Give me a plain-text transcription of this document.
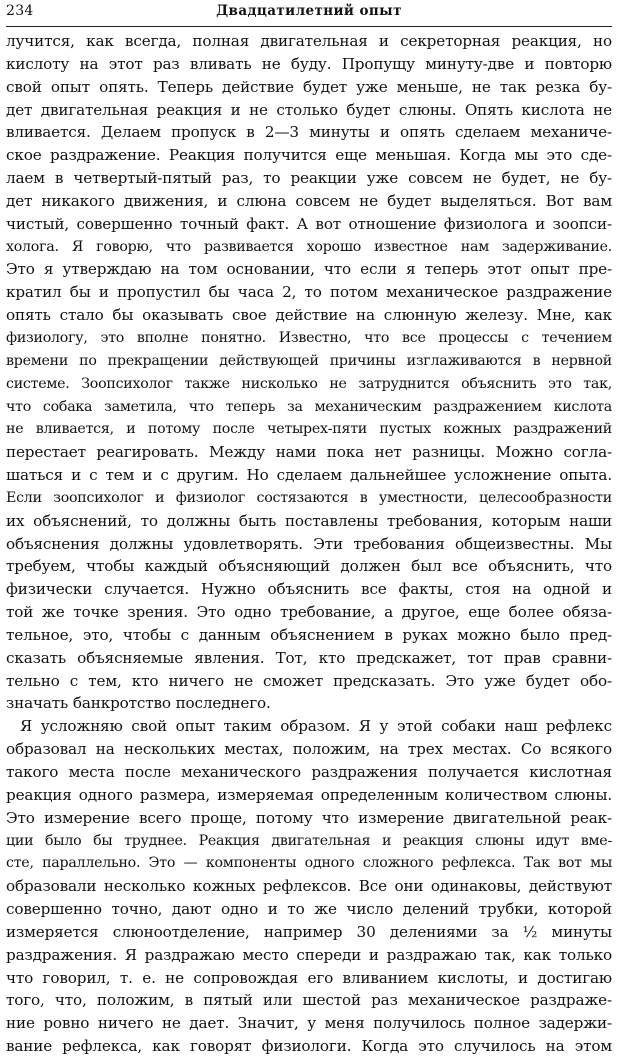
234	Двадцатилетний опыт
лучится, как всегда, полная двигательная и секреторная реакция, но
кислоту на этот раз вливать не буду. Пропущу минуту-две и повторю
свой опыт опять. Теперь действие будет уже меньше, не так резка бу-
дет двигательная реакция и не столько будет слюны. Опять кислота не
вливается. Делаем пропуск в 2—3 минуты и опять сделаем механиче-
ское раздражение. Реакция получится еще меньшая. Когда мы это сде-
лаем в четвертый-пятый раз, то реакции уже совсем не будет, не бу-
дет никакого движения, и слюна совсем не будет выделяться. Вот вам
чистый, совершенно точный факт. А вот отношение физиолога и зоопси-
холога. Я говорю, что развивается хорошо известное нам задерживание.
Это я утверждаю на том основании, что если я теперь этот опыт пре-
кратил бы и пропустил бы часа 2, то потом механическое раздражение
опять стало бы оказывать свое действие на слюнную железу. Мне, как
физиологу, это вполне понятно. Известно, что все процессы с течением
времени по прекращении действующей причины изглаживаются в нервной
системе. Зоопсихолог также нисколько не затруднится объяснить это так,
что собака заметила, что теперь за механическим раздражением кислота
не вливается, и потому после четырех-пяти пустых кожных раздражений
перестает реагировать. Между нами пока нет разницы. Можно согла-
шаться и с тем и с другим. Но сделаем дальнейшее усложнение опыта.
Если зоопсихолог и физиолог состязаются в уместности, целесообразности
их объяснений, то должны быть поставлены требования, которым наши
объяснения должны удовлетворять. Эти требования общеизвестны. Мы
требуем, чтобы каждый объясняющий должен был все объяснить, что
физически случается. Нужно объяснить все факты, стоя на одной и
той же точке зрения. Это одно требование, а другое, еще более обяза-
тельное, это, чтобы с данным объяснением в руках можно было пред-
сказать объясняемые явления. Тот, кто предскажет, тот прав сравни-
тельно с тем, кто ничего не сможет предсказать. Это уже будет обо-
значать банкротство последнего.
Я усложняю свой опыт таким образом. Я у этой собаки наш рефлекс
образовал на нескольких местах, положим, на трех местах. Со всякого
такого места после механического раздражения получается кислотная
реакция одного размера, измеряемая определенным количеством слюны.
Это измерение всего проще, потому что измерение двигательной реак-
ции было бы труднее. Реакция двигательная и реакция слюны идут вме-
сте, параллельно. Это — компоненты одного сложного рефлекса. Так вот мы
образовали несколько кожных рефлексов. Все они одинаковы, действуют
совершенно точно, дают одно и то же число делений трубки, которой
измеряется слюноотделение, например 30 делениями за ½ минуты
раздражения. Я раздражаю место спереди и раздражаю так, как только
что говорил, т. е. не сопровождая его вливанием кислоты, и достигаю
того, что, положим, в пятый или шестой раз механическое раздраже-
ние ровно ничего не дает. Значит, у меня получилось полное задержи-
вание рефлекса, как говорят физиологи. Когда это случилось на этом
